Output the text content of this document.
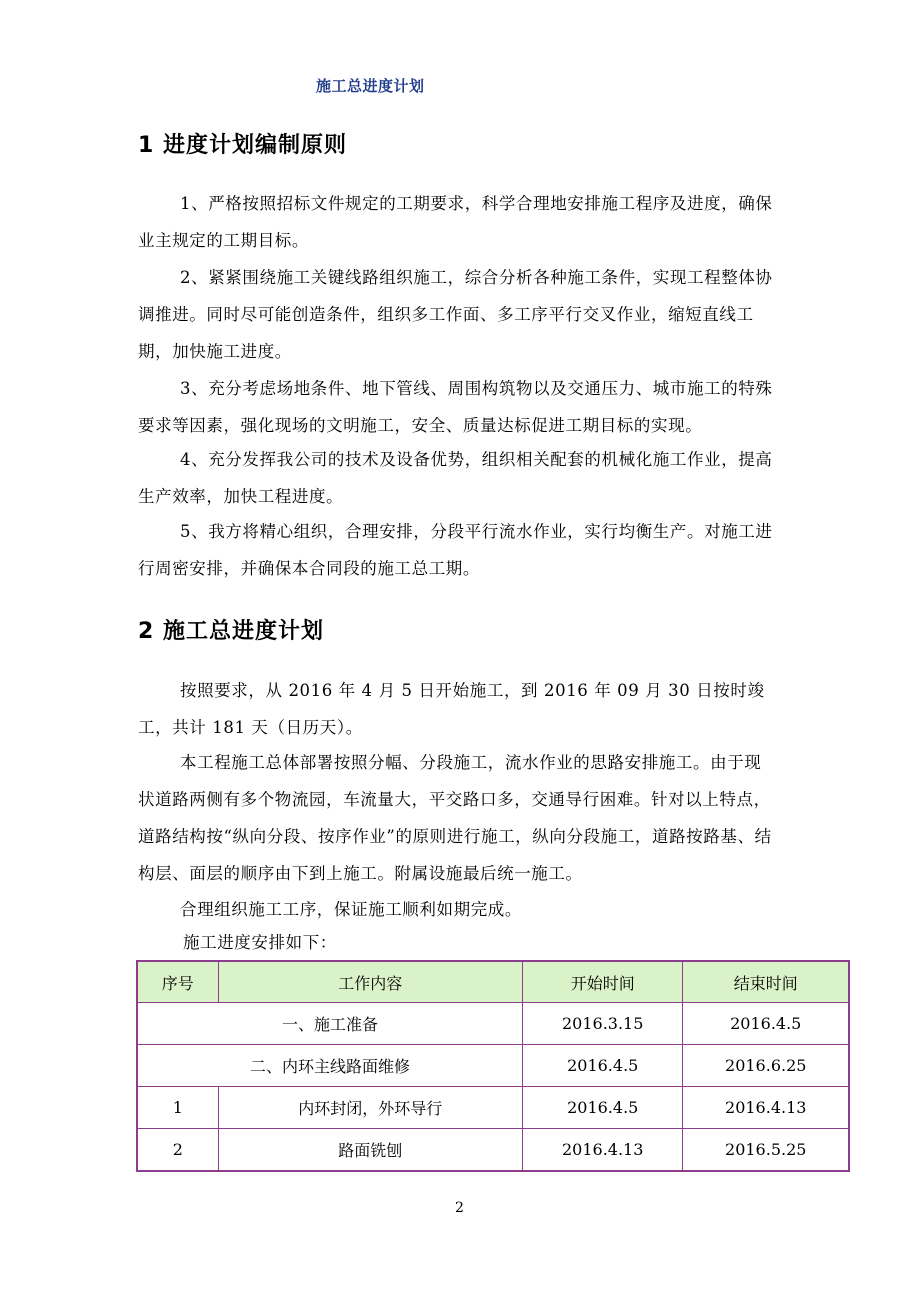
施工总进度计划
1 进度计划编制原则

1、严格按照招标文件规定的工期要求，科学合理地安排施工程序及进度，确保业主规定的工期目标。

2、紧紧围绕施工关键线路组织施工，综合分析各种施工条件，实现工程整体协调推进。同时尽可能创造条件，组织多工作面、多工序平行交叉作业，缩短直线工期，加快施工进度。

3、充分考虑场地条件、地下管线、周围构筑物以及交通压力、城市施工的特殊要求等因素，强化现场的文明施工，安全、质量达标促进工期目标的实现。

4、充分发挥我公司的技术及设备优势，组织相关配套的机械化施工作业，提高生产效率，加快工程进度。

5、我方将精心组织，合理安排，分段平行流水作业，实行均衡生产。对施工进行周密安排，并确保本合同段的施工总工期。

2 施工总进度计划

按照要求，从 2016 年 4 月 5 日开始施工，到 2016 年 09 月 30 日按时竣工，共计 181 天（日历天）。

本工程施工总体部署按照分幅、分段施工，流水作业的思路安排施工。由于现状道路两侧有多个物流园，车流量大，平交路口多，交通导行困难。针对以上特点，道路结构按“纵向分段、按序作业”的原则进行施工，纵向分段施工，道路按路基、结构层、面层的顺序由下到上施工。附属设施最后统一施工。

合理组织施工工序，保证施工顺利如期完成。

施工进度安排如下：
序号	工作内容	开始时间	结束时间
一、施工准备		2016.3.15	2016.4.5
二、内环主线路面维修		2016.4.5	2016.6.25
1	内环封闭，外环导行	2016.4.5	2016.4.13
2	路面铣刨	2016.4.13	2016.5.25
2
